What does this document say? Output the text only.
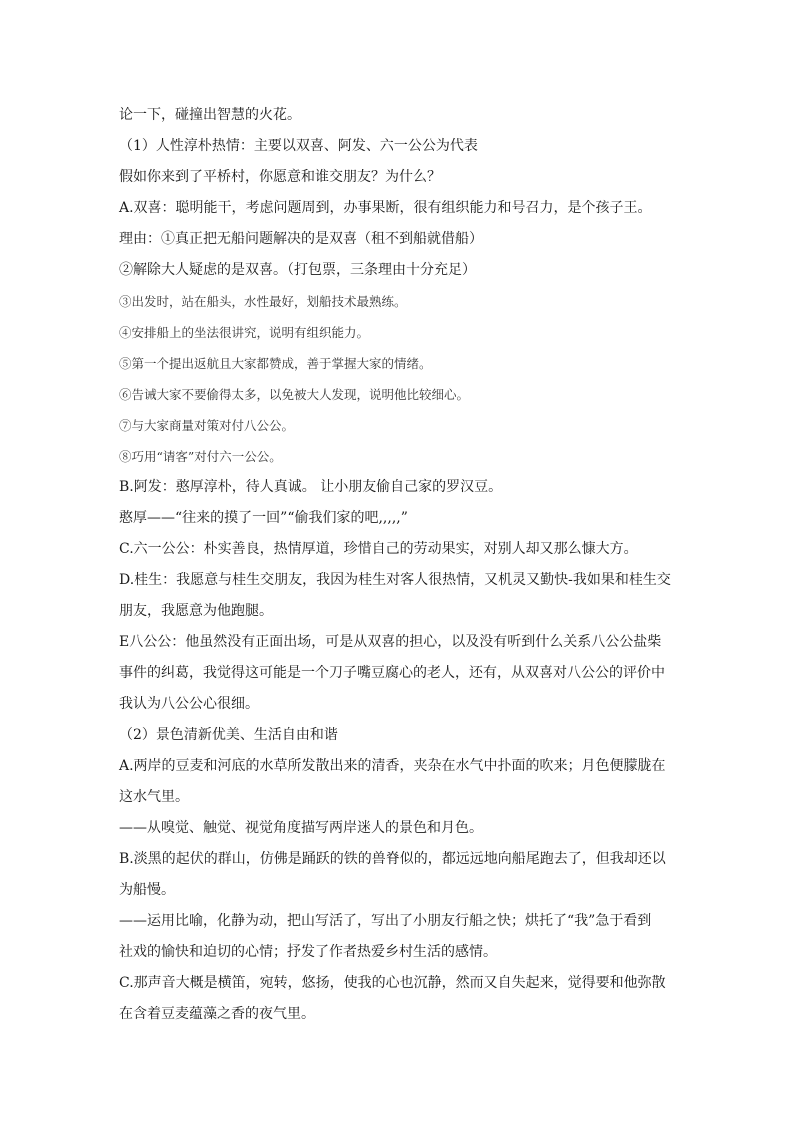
论一下，碰撞出智慧的火花。

（1）人性淳朴热情：主要以双喜、阿发、六一公公为代表

假如你来到了平桥村，你愿意和谁交朋友？为什么？

A.双喜：聪明能干，考虑问题周到，办事果断，很有组织能力和号召力，是个孩子王。

理由：①真正把无船问题解决的是双喜（租不到船就借船）

②解除大人疑虑的是双喜。（打包票，三条理由十分充足）

③出发时，站在船头，水性最好，划船技术最熟练。

④安排船上的坐法很讲究，说明有组织能力。

⑤第一个提出返航且大家都赞成，善于掌握大家的情绪。

⑥告诫大家不要偷得太多，以免被大人发现，说明他比较细心。

⑦与大家商量对策对付八公公。

⑧巧用“请客”对付六一公公。

B.阿发：憨厚淳朴，待人真诚。 让小朋友偷自己家的罗汉豆。

憨厚——“往来的摸了一回”“偷我们家的吧,,,,,”

C.六一公公：朴实善良，热情厚道，珍惜自己的劳动果实，对别人却又那么慷大方。

D.桂生：我愿意与桂生交朋友，我因为桂生对客人很热情，又机灵又勤快-我如果和桂生交

朋友，我愿意为他跑腿。

E八公公：他虽然没有正面出场，可是从双喜的担心，以及没有听到什么关系八公公盐柴

事件的纠葛，我觉得这可能是一个刀子嘴豆腐心的老人，还有，从双喜对八公公的评价中

我认为八公公心很细。

（2）景色清新优美、生活自由和谐

A.两岸的豆麦和河底的水草所发散出来的清香，夹杂在水气中扑面的吹来；月色便朦胧在

这水气里。

——从嗅觉、触觉、视觉角度描写两岸迷人的景色和月色。

B.淡黑的起伏的群山，仿佛是踊跃的铁的兽脊似的，都远远地向船尾跑去了，但我却还以

为船慢。

——运用比喻，化静为动，把山写活了，写出了小朋友行船之快；烘托了“我”急于看到

社戏的愉快和迫切的心情；抒发了作者热爱乡村生活的感情。

C.那声音大概是横笛，宛转，悠扬，使我的心也沉静，然而又自失起来，觉得要和他弥散

在含着豆麦蕴藻之香的夜气里。
